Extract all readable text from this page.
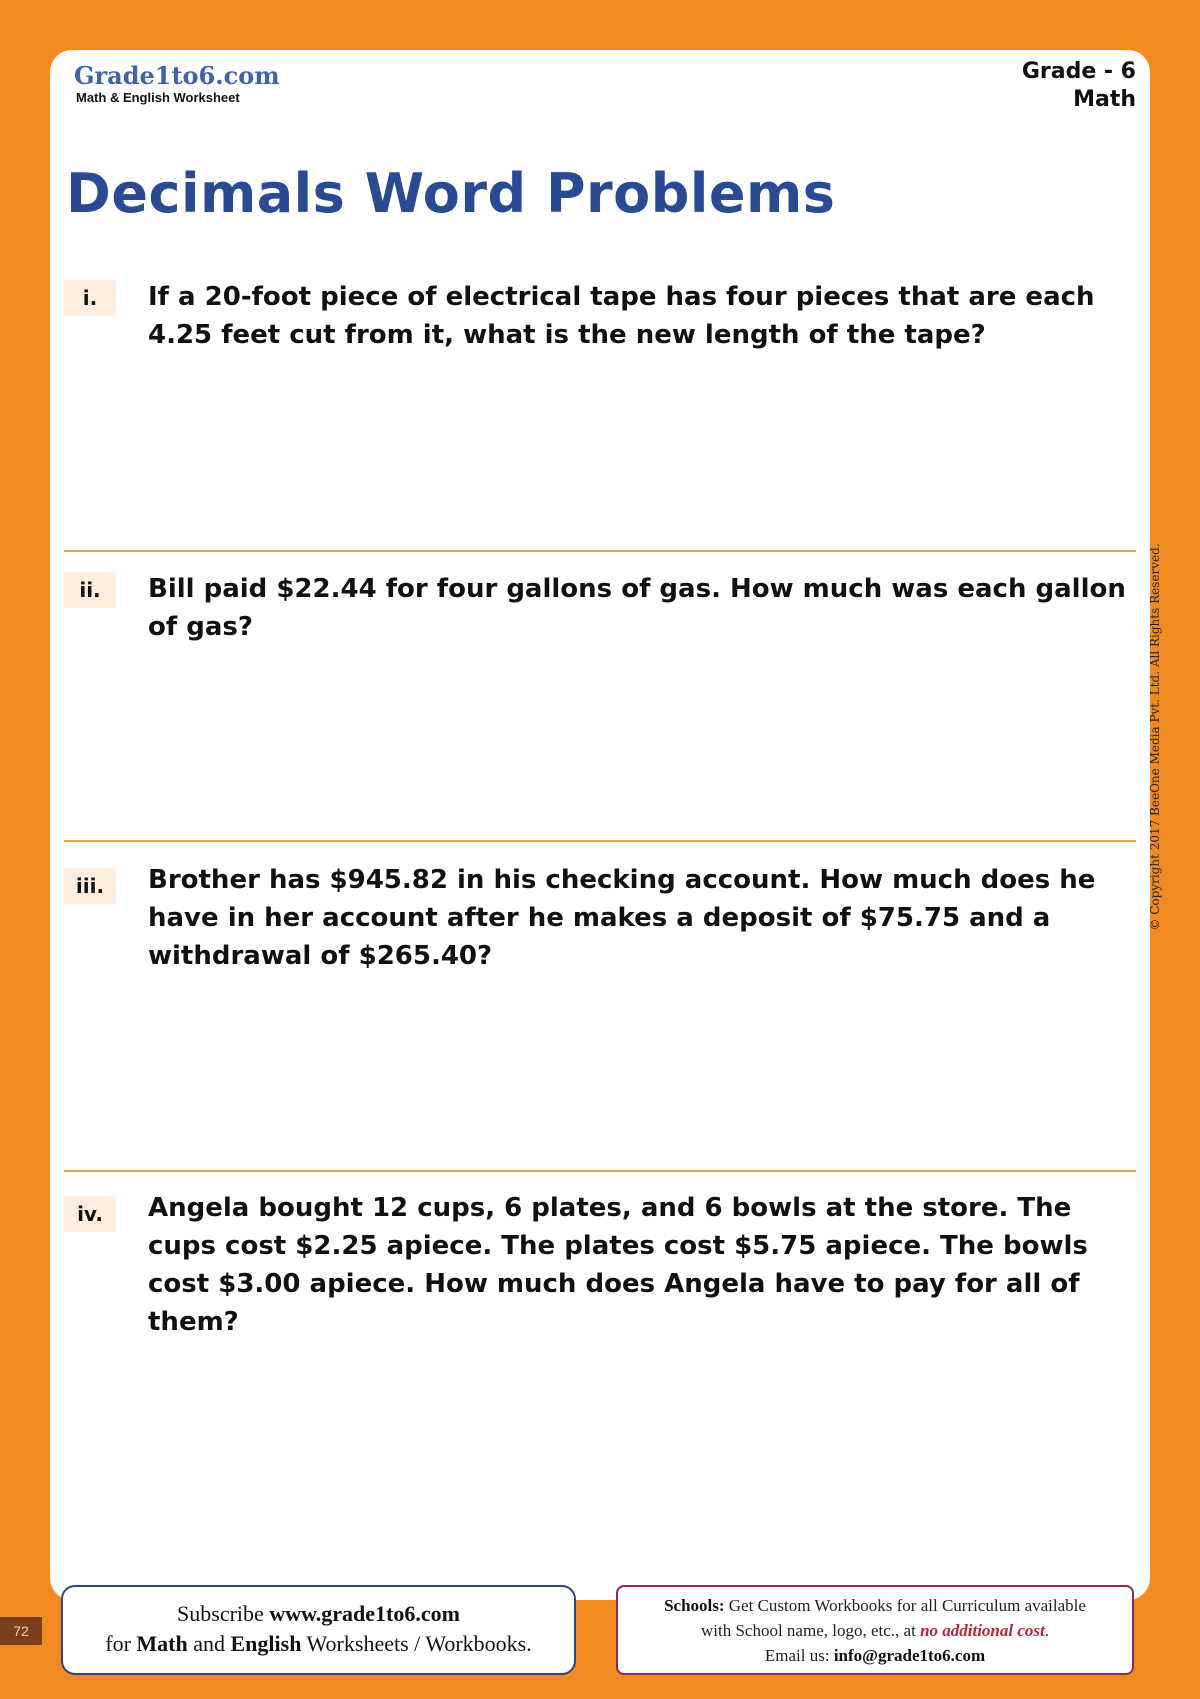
Grade1to6.com
Math & English Worksheet
Grade - 6
Math
Decimals Word Problems
i.	If a 20-foot piece of electrical tape has four pieces that are each 4.25 feet cut from it, what is the new length of the tape?
ii.	Bill paid $22.44 for four gallons of gas. How much was each gallon of gas?
iii.	Brother has $945.82 in his checking account. How much does he have in her account after he makes a deposit of $75.75 and a withdrawal of $265.40?
iv.	Angela bought 12 cups, 6 plates, and 6 bowls at the store. The cups cost $2.25 apiece. The plates cost $5.75 apiece. The bowls cost $3.00 apiece. How much does Angela have to pay for all of them?
© Copyright 2017 BeeOne Media Pvt. Ltd. All Rights Reserved.
72
Subscribe www.grade1to6.com
for Math and English Worksheets / Workbooks.
Schools: Get Custom Workbooks for all Curriculum available
with School name, logo, etc., at no additional cost.
Email us: info@grade1to6.com
